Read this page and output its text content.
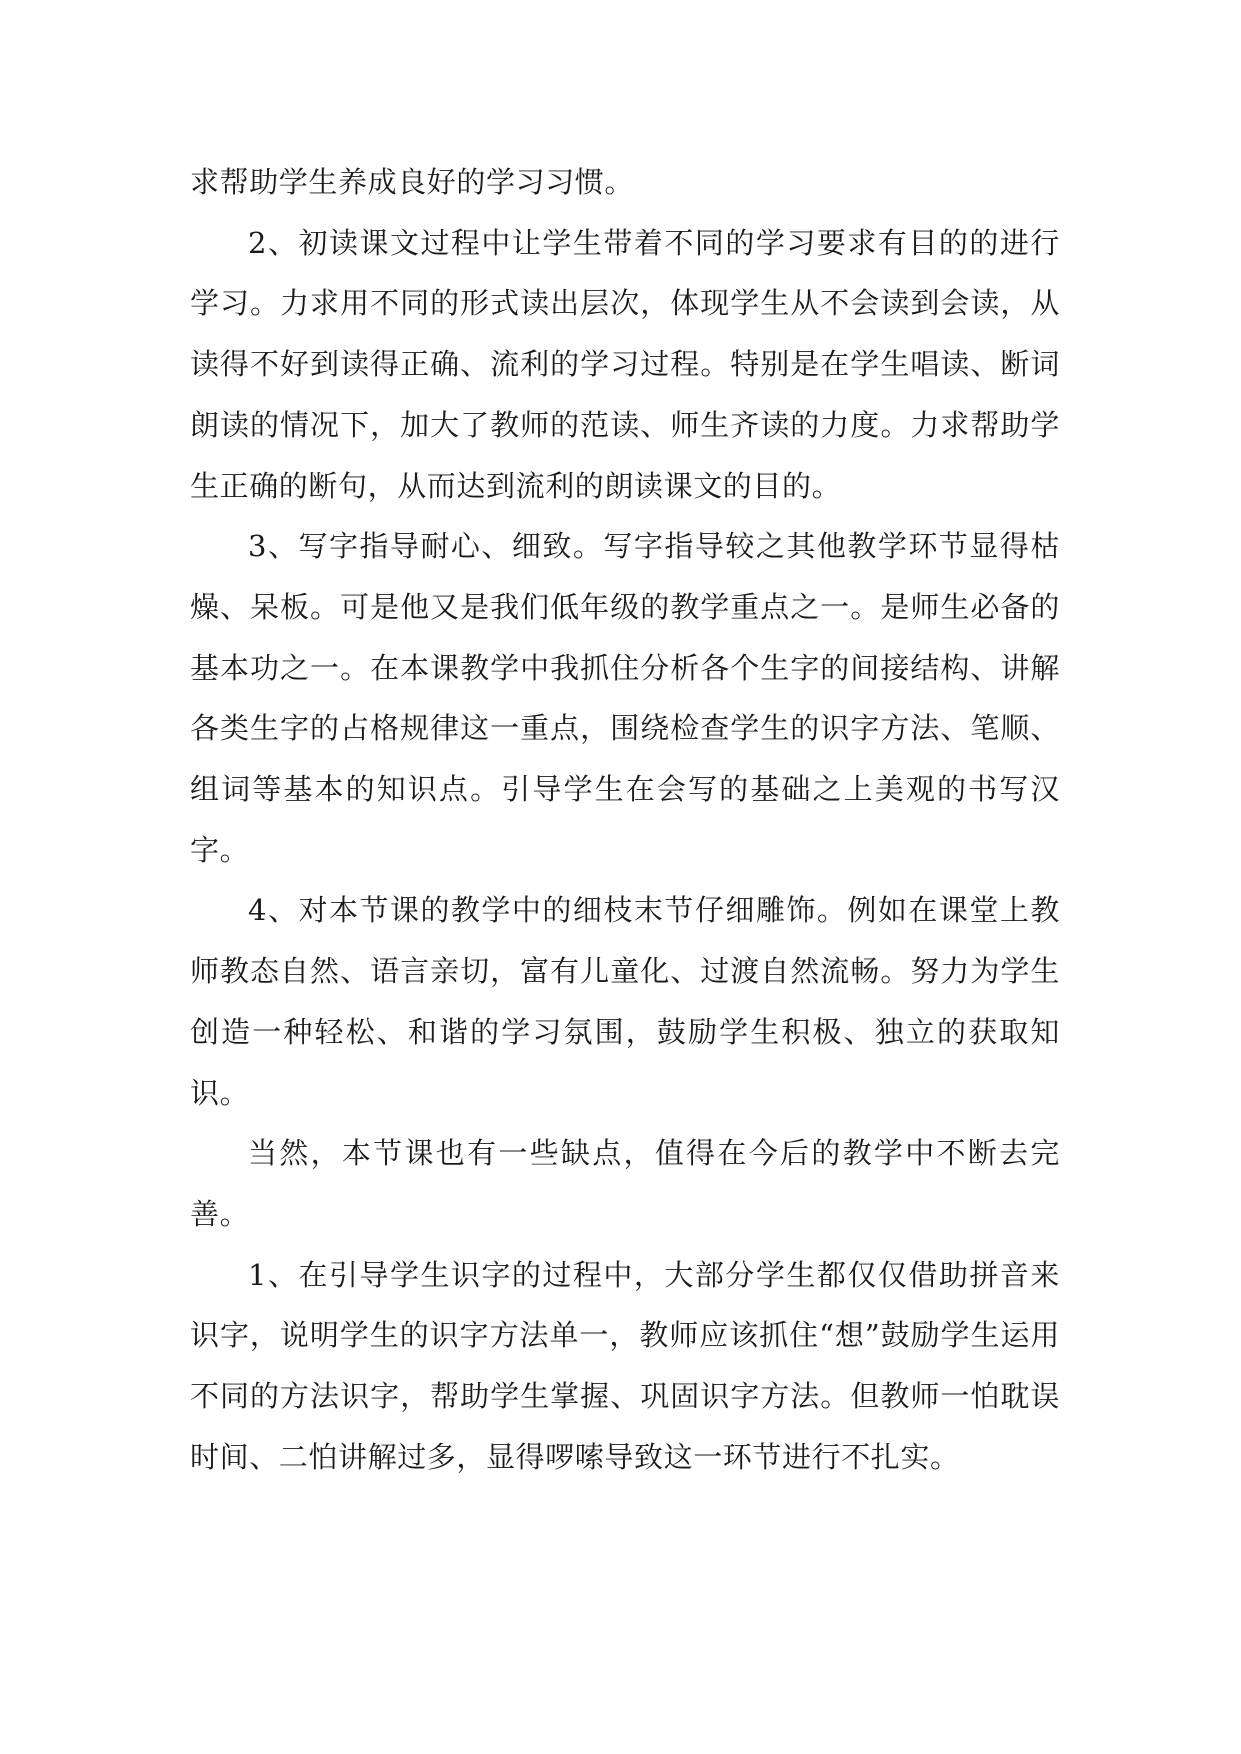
求帮助学生养成良好的学习习惯。

2、初读课文过程中让学生带着不同的学习要求有目的的进行学习。力求用不同的形式读出层次，体现学生从不会读到会读，从读得不好到读得正确、流利的学习过程。特别是在学生唱读、断词朗读的情况下，加大了教师的范读、师生齐读的力度。力求帮助学生正确的断句，从而达到流利的朗读课文的目的。

3、写字指导耐心、细致。写字指导较之其他教学环节显得枯燥、呆板。可是他又是我们低年级的教学重点之一。是师生必备的基本功之一。在本课教学中我抓住分析各个生字的间接结构、讲解各类生字的占格规律这一重点，围绕检查学生的识字方法、笔顺、组词等基本的知识点。引导学生在会写的基础之上美观的书写汉字。

4、对本节课的教学中的细枝末节仔细雕饰。例如在课堂上教师教态自然、语言亲切，富有儿童化、过渡自然流畅。努力为学生创造一种轻松、和谐的学习氛围，鼓励学生积极、独立的获取知识。

当然，本节课也有一些缺点，值得在今后的教学中不断去完善。

1、在引导学生识字的过程中，大部分学生都仅仅借助拼音来识字，说明学生的识字方法单一，教师应该抓住“想”鼓励学生运用不同的方法识字，帮助学生掌握、巩固识字方法。但教师一怕耽误时间、二怕讲解过多，显得啰嗦导致这一环节进行不扎实。
